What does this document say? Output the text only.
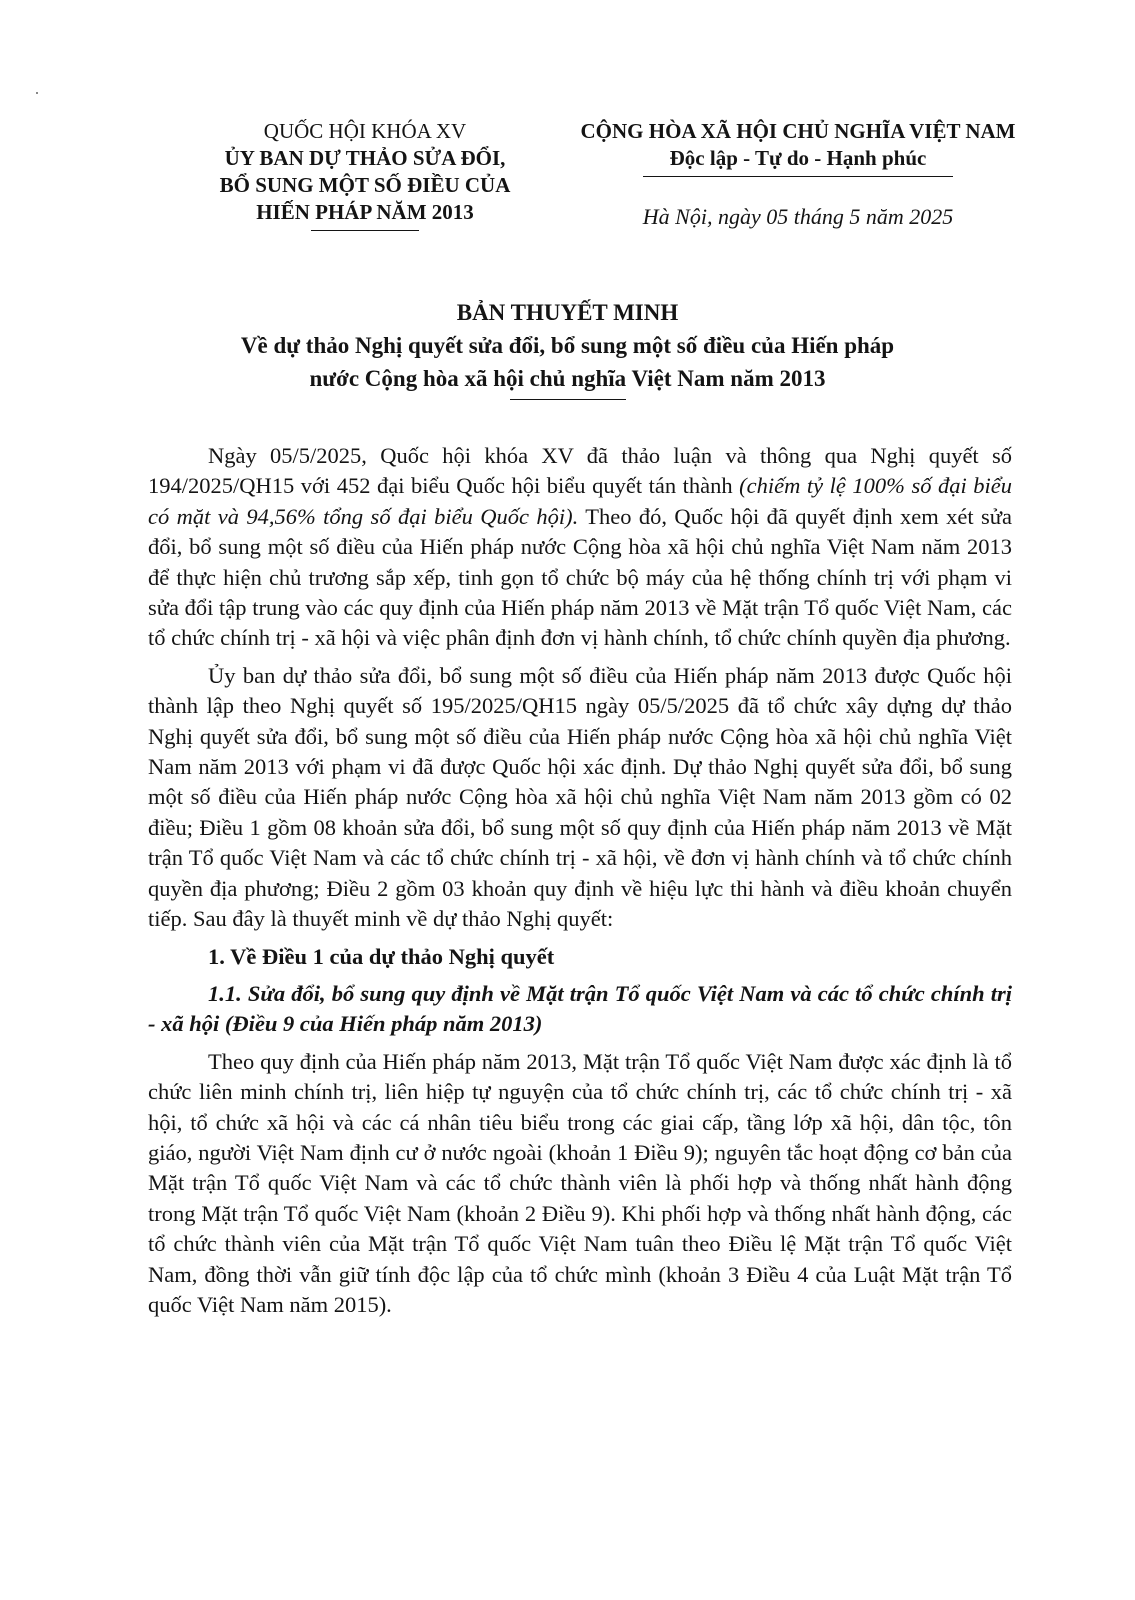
QUỐC HỘI KHÓA XV
ỦY BAN DỰ THẢO SỬA ĐỔI,
BỔ SUNG MỘT SỐ ĐIỀU CỦA
HIẾN PHÁP NĂM 2013
CỘNG HÒA XÃ HỘI CHỦ NGHĨA VIỆT NAM
Độc lập - Tự do - Hạnh phúc
Hà Nội, ngày 05 tháng 5 năm 2025
BẢN THUYẾT MINH
Về dự thảo Nghị quyết sửa đổi, bổ sung một số điều của Hiến pháp
nước Cộng hòa xã hội chủ nghĩa Việt Nam năm 2013

Ngày 05/5/2025, Quốc hội khóa XV đã thảo luận và thông qua Nghị quyết số 194/2025/QH15 với 452 đại biểu Quốc hội biểu quyết tán thành (chiếm tỷ lệ 100% số đại biểu có mặt và 94,56% tổng số đại biểu Quốc hội). Theo đó, Quốc hội đã quyết định xem xét sửa đổi, bổ sung một số điều của Hiến pháp nước Cộng hòa xã hội chủ nghĩa Việt Nam năm 2013 để thực hiện chủ trương sắp xếp, tinh gọn tổ chức bộ máy của hệ thống chính trị với phạm vi sửa đổi tập trung vào các quy định của Hiến pháp năm 2013 về Mặt trận Tổ quốc Việt Nam, các tổ chức chính trị - xã hội và việc phân định đơn vị hành chính, tổ chức chính quyền địa phương.

Ủy ban dự thảo sửa đổi, bổ sung một số điều của Hiến pháp năm 2013 được Quốc hội thành lập theo Nghị quyết số 195/2025/QH15 ngày 05/5/2025 đã tổ chức xây dựng dự thảo Nghị quyết sửa đổi, bổ sung một số điều của Hiến pháp nước Cộng hòa xã hội chủ nghĩa Việt Nam năm 2013 với phạm vi đã được Quốc hội xác định. Dự thảo Nghị quyết sửa đổi, bổ sung một số điều của Hiến pháp nước Cộng hòa xã hội chủ nghĩa Việt Nam năm 2013 gồm có 02 điều; Điều 1 gồm 08 khoản sửa đổi, bổ sung một số quy định của Hiến pháp năm 2013 về Mặt trận Tổ quốc Việt Nam và các tổ chức chính trị - xã hội, về đơn vị hành chính và tổ chức chính quyền địa phương; Điều 2 gồm 03 khoản quy định về hiệu lực thi hành và điều khoản chuyển tiếp. Sau đây là thuyết minh về dự thảo Nghị quyết:

1. Về Điều 1 của dự thảo Nghị quyết

1.1. Sửa đổi, bổ sung quy định về Mặt trận Tổ quốc Việt Nam và các tổ chức chính trị - xã hội (Điều 9 của Hiến pháp năm 2013)

Theo quy định của Hiến pháp năm 2013, Mặt trận Tổ quốc Việt Nam được xác định là tổ chức liên minh chính trị, liên hiệp tự nguyện của tổ chức chính trị, các tổ chức chính trị - xã hội, tổ chức xã hội và các cá nhân tiêu biểu trong các giai cấp, tầng lớp xã hội, dân tộc, tôn giáo, người Việt Nam định cư ở nước ngoài (khoản 1 Điều 9); nguyên tắc hoạt động cơ bản của Mặt trận Tổ quốc Việt Nam và các tổ chức thành viên là phối hợp và thống nhất hành động trong Mặt trận Tổ quốc Việt Nam (khoản 2 Điều 9). Khi phối hợp và thống nhất hành động, các tổ chức thành viên của Mặt trận Tổ quốc Việt Nam tuân theo Điều lệ Mặt trận Tổ quốc Việt Nam, đồng thời vẫn giữ tính độc lập của tổ chức mình (khoản 3 Điều 4 của Luật Mặt trận Tổ quốc Việt Nam năm 2015).
